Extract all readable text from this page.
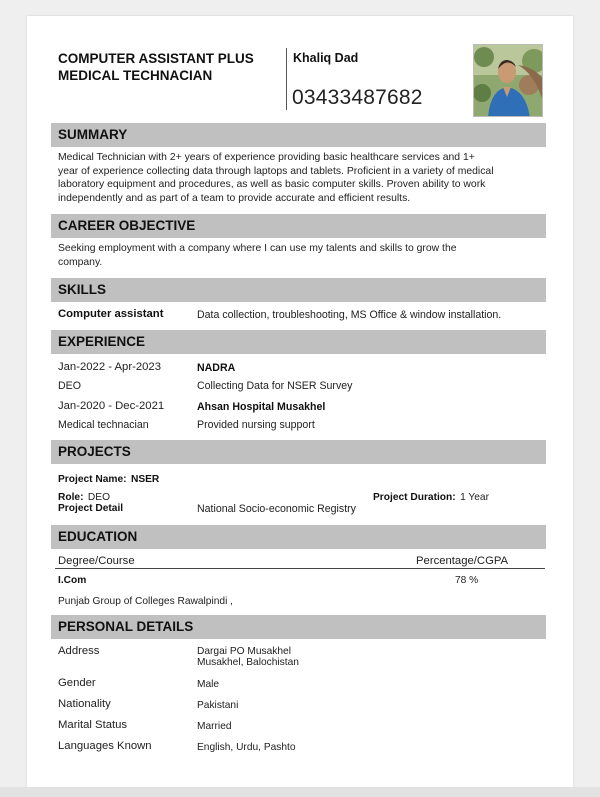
COMPUTER ASSISTANT PLUS
MEDICAL TECHNACIAN
Khaliq Dad
03433487682
SUMMARY
Medical Technician with 2+ years of experience providing basic healthcare services and 1+
year of experience collecting data through laptops and tablets. Proficient in a variety of medical
laboratory equipment and procedures, as well as basic computer skills. Proven ability to work
independently and as part of a team to provide accurate and efficient results.
CAREER OBJECTIVE
Seeking employment with a company where I can use my talents and skills to grow the
company.
SKILLS
Computer assistant	Data collection, troubleshooting, MS Office & window installation.
EXPERIENCE
Jan-2022 - Apr-2023	NADRA
DEO	Collecting Data for NSER Survey
Jan-2020 - Dec-2021	Ahsan Hospital Musakhel
Medical technacian	Provided nursing support
PROJECTS
Project Name: NSER
Role: DEO	Project Duration: 1 Year
Project Detail	National Socio-economic Registry
EDUCATION
Degree/Course	Percentage/CGPA
I.Com	78 %
Punjab Group of Colleges Rawalpindi ,
PERSONAL DETAILS
Address	Dargai PO Musakhel
Musakhel, Balochistan
Gender	Male
Nationality	Pakistani
Marital Status	Married
Languages Known	English, Urdu, Pashto
